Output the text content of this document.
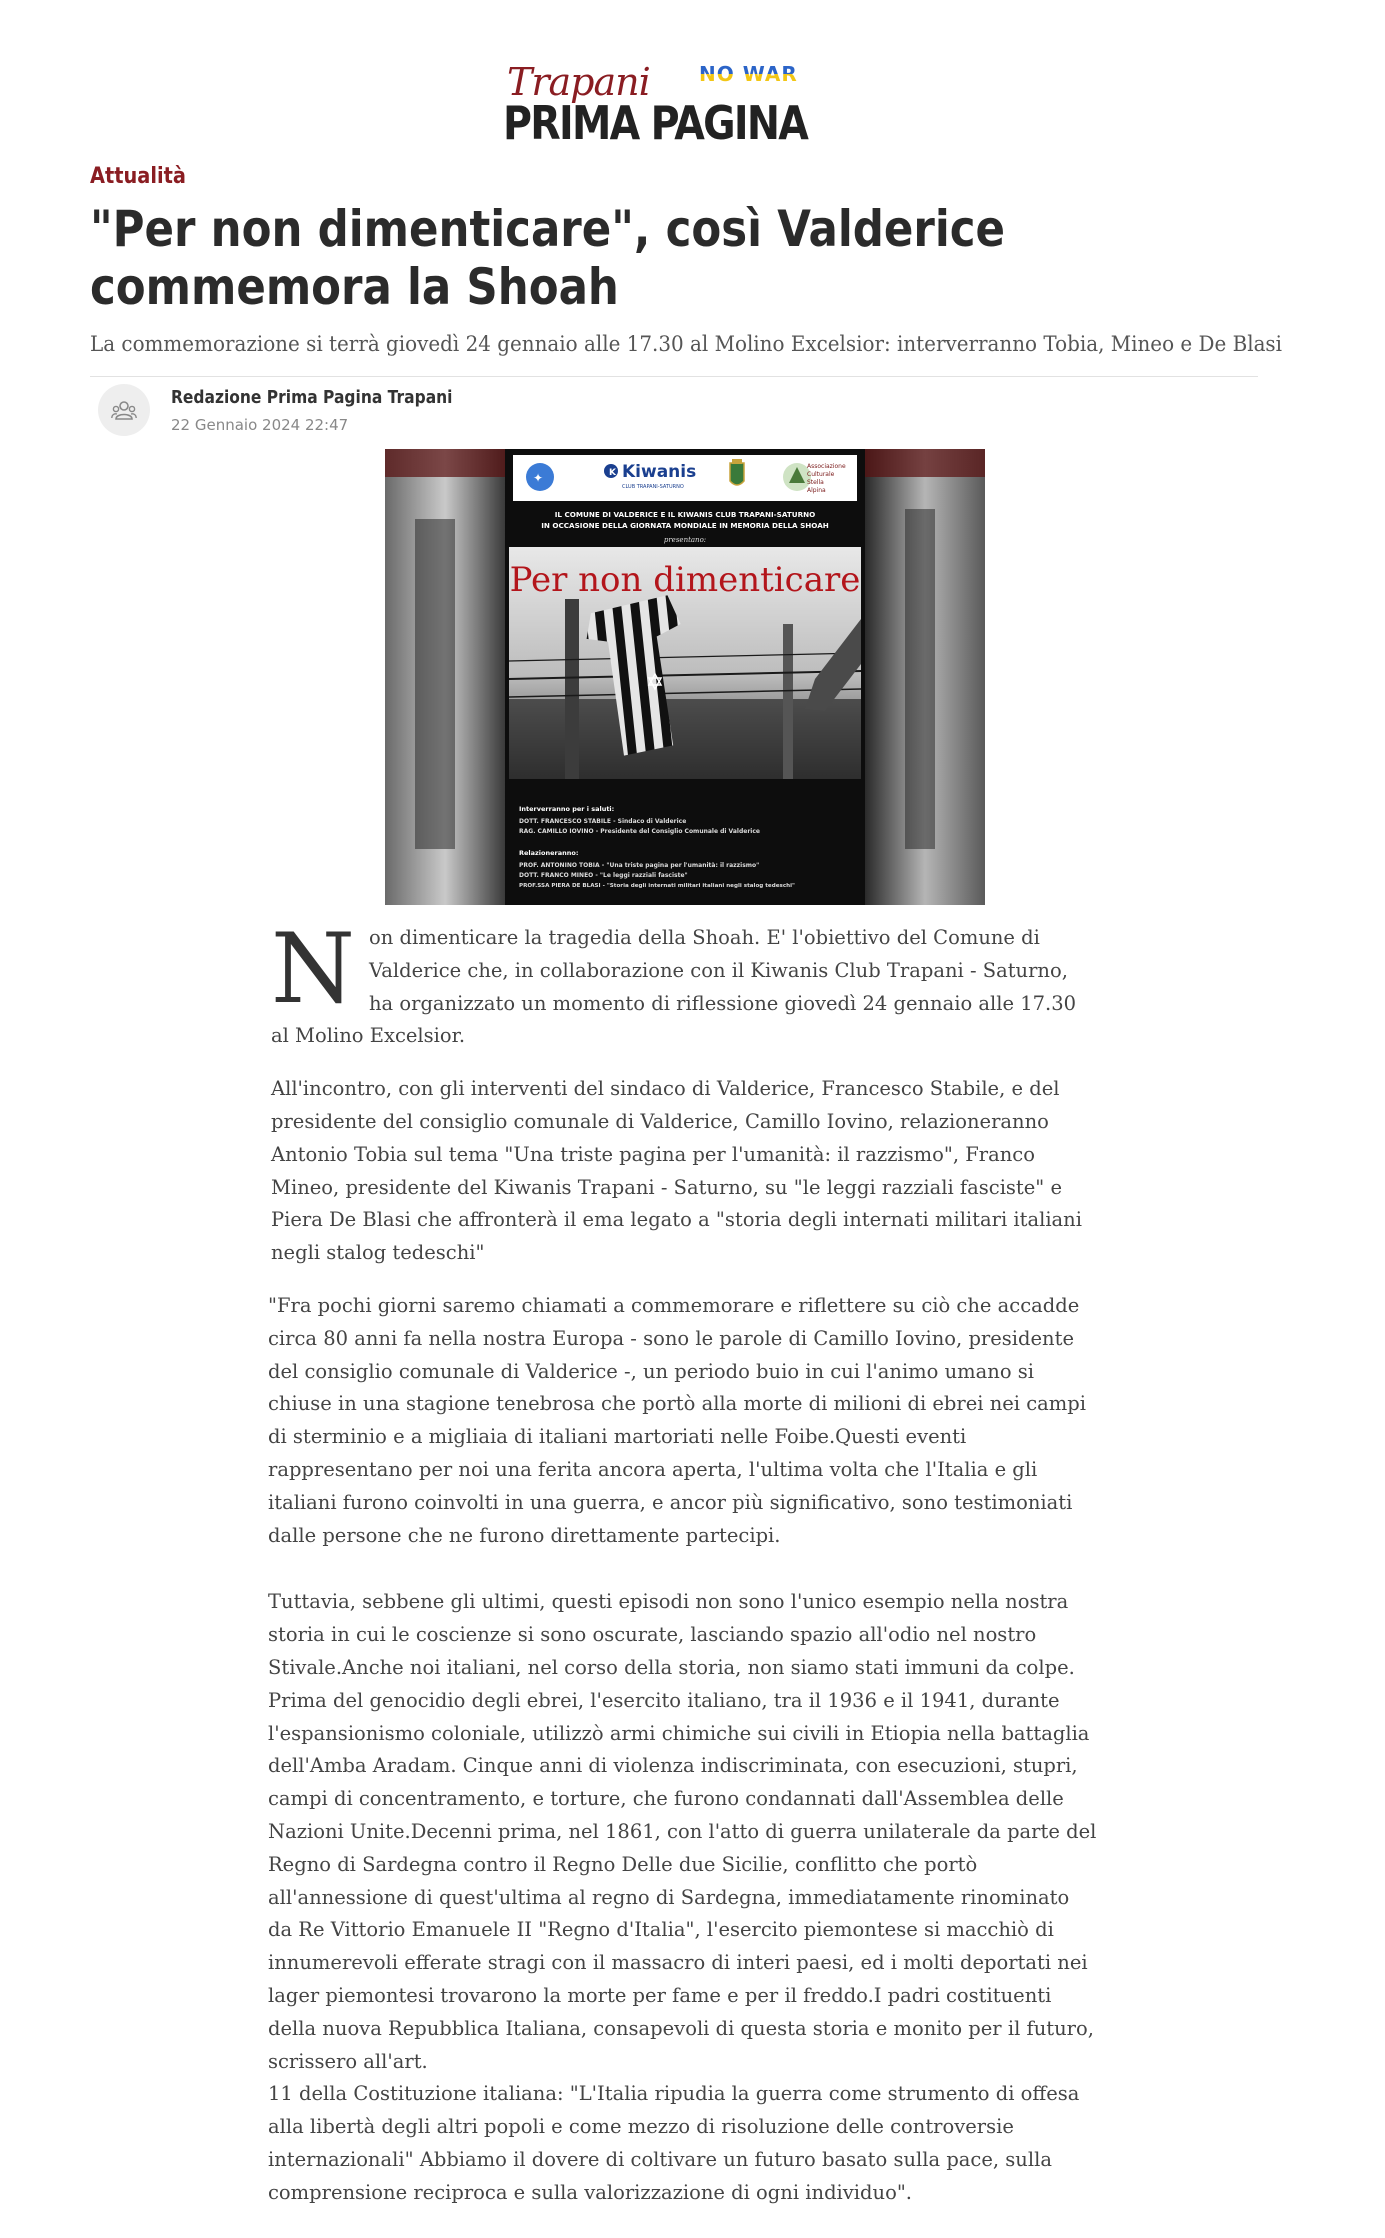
Trapani NO WAR
PRIMA PAGINA
Attualità
"Per non dimenticare", così Valderice commemora la Shoah
La commemorazione si terrà giovedì 24 gennaio alle 17.30 al Molino Excelsior: interverranno Tobia, Mineo e De Blasi
Redazione Prima Pagina Trapani
22 Gennaio 2024 22:47
✦	K Kiwanis
CLUB TRAPANI-SATURNO
Associazione
Culturale
Stella
Alpina
IL COMUNE DI VALDERICE E IL KIWANIS CLUB TRAPANI-SATURNO
IN OCCASIONE DELLA GIORNATA MONDIALE IN MEMORIA DELLA SHOAH
presentano:
Per non dimenticare
Interverranno per i saluti:
DOTT. FRANCESCO STABILE - Sindaco di Valderice
RAG. CAMILLO IOVINO - Presidente del Consiglio Comunale di Valderice
Relazioneranno:
PROF. ANTONINO TOBIA - "Una triste pagina per l'umanità: il razzismo"
DOTT. FRANCO MINEO - "Le leggi razziali fasciste"
PROF.SSA PIERA DE BLASI - "Storia degli internati militari italiani negli stalog tedeschi"

Non dimenticare la tragedia della Shoah. E' l'obiettivo del Comune di Valderice che, in collaborazione con il Kiwanis Club Trapani - Saturno, ha organizzato un momento di riflessione giovedì 24 gennaio alle 17.30 al Molino Excelsior.

All'incontro, con gli interventi del sindaco di Valderice, Francesco Stabile, e del presidente del consiglio comunale di Valderice, Camillo Iovino, relazioneranno Antonio Tobia sul tema "Una triste pagina per l'umanità: il razzismo", Franco Mineo, presidente del Kiwanis Trapani - Saturno, su "le leggi razziali fasciste" e Piera De Blasi che affronterà il ema legato a "storia degli internati militari italiani negli stalog tedeschi"

"Fra pochi giorni saremo chiamati a commemorare e riflettere su ciò che accadde circa 80 anni fa nella nostra Europa - sono le parole di Camillo Iovino, presidente del consiglio comunale di Valderice -, un periodo buio in cui l'animo umano si chiuse in una stagione tenebrosa che portò alla morte di milioni di ebrei nei campi di sterminio e a migliaia di italiani martoriati nelle Foibe.Questi eventi rappresentano per noi una ferita ancora aperta, l'ultima volta che l'Italia e gli italiani furono coinvolti in una guerra, e ancor più significativo, sono testimoniati dalle persone che ne furono direttamente partecipi.

Tuttavia, sebbene gli ultimi, questi episodi non sono l'unico esempio nella nostra storia in cui le coscienze si sono oscurate, lasciando spazio all'odio nel nostro Stivale.Anche noi italiani, nel corso della storia, non siamo stati immuni da colpe. Prima del genocidio degli ebrei, l'esercito italiano, tra il 1936 e il 1941, durante l'espansionismo coloniale, utilizzò armi chimiche sui civili in Etiopia nella battaglia dell'Amba Aradam. Cinque anni di violenza indiscriminata, con esecuzioni, stupri, campi di concentramento, e torture, che furono condannati dall'Assemblea delle Nazioni Unite.Decenni prima, nel 1861, con l'atto di guerra unilaterale da parte del Regno di Sardegna contro il Regno Delle due Sicilie, conflitto che portò all'annessione di quest'ultima al regno di Sardegna, immediatamente rinominato da Re Vittorio Emanuele II "Regno d'Italia", l'esercito piemontese si macchiò di innumerevoli efferate stragi con il massacro di interi paesi, ed i molti deportati nei lager piemontesi trovarono la morte per fame e per il freddo.I padri costituenti della nuova Repubblica Italiana, consapevoli di questa storia e monito per il futuro, scrissero all'art.

11 della Costituzione italiana: "L'Italia ripudia la guerra come strumento di offesa alla libertà degli altri popoli e come mezzo di risoluzione delle controversie internazionali" Abbiamo il dovere di coltivare un futuro basato sulla pace, sulla comprensione reciproca e sulla valorizzazione di ogni individuo".
